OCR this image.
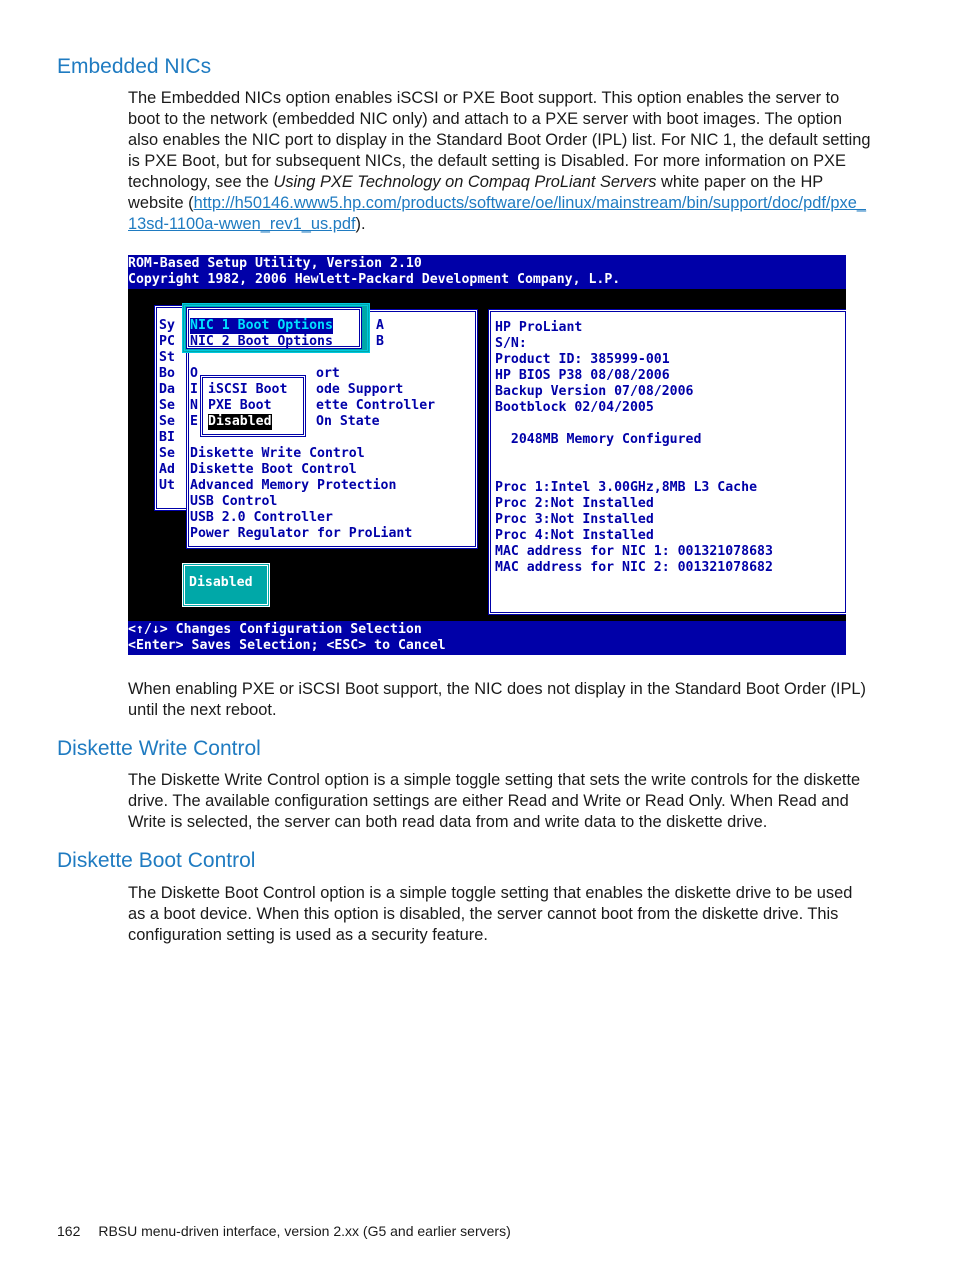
Embedded NICs

The Embedded NICs option enables iSCSI or PXE Boot support. This option enables the server to boot to the network (embedded NIC only) and attach to a PXE server with boot images. The option also enables the NIC port to display in the Standard Boot Order (IPL) list. For NIC 1, the default setting is PXE Boot, but for subsequent NICs, the default setting is Disabled. For more information on PXE technology, see the Using PXE Technology on Compaq ProLiant Servers white paper on the HP website (http://h50146.www5.hp.com/products/software/oe/linux/mainstream/bin/support/doc/pdf/pxe_13sd-1100a-wwen_rev1_us.pdf).

ROM-Based Setup Utility, Version 2.10
Copyright 1982, 2006 Hewlett-Packard Development Company, L.P.
Sy
PC
St
Bo
Da
Se
Se
BI
Se
Ad
Ut
O
I
N
E
ort
ode Support
ette Controller
On State
Diskette Write Control
Diskette Boot Control
Advanced Memory Protection
USB Control
USB 2.0 Controller
Power Regulator for ProLiant
NIC 1 Boot Options
NIC 2 Boot Options
A
B
iSCSI Boot
PXE Boot
Disabled
HP ProLiant
S/N:
Product ID: 385999-001
HP BIOS P38 08/08/2006
Backup Version 07/08/2006
Bootblock 02/04/2005
2048MB Memory Configured
Proc 1:Intel 3.00GHz,8MB L3 Cache
Proc 2:Not Installed
Proc 3:Not Installed
Proc 4:Not Installed
MAC address for NIC 1: 001321078683
MAC address for NIC 2: 001321078682
Disabled
<↑/↓> Changes Configuration Selection
<Enter> Saves Selection; <ESC> to Cancel

When enabling PXE or iSCSI Boot support, the NIC does not display in the Standard Boot Order (IPL) until the next reboot.

Diskette Write Control

The Diskette Write Control option is a simple toggle setting that sets the write controls for the diskette drive. The available configuration settings are either Read and Write or Read Only. When Read and Write is selected, the server can both read data from and write data to the diskette drive.

Diskette Boot Control

The Diskette Boot Control option is a simple toggle setting that enables the diskette drive to be used as a boot device. When this option is disabled, the server cannot boot from the diskette drive. This configuration setting is used as a security feature.

162 RBSU menu-driven interface, version 2.xx (G5 and earlier servers)
